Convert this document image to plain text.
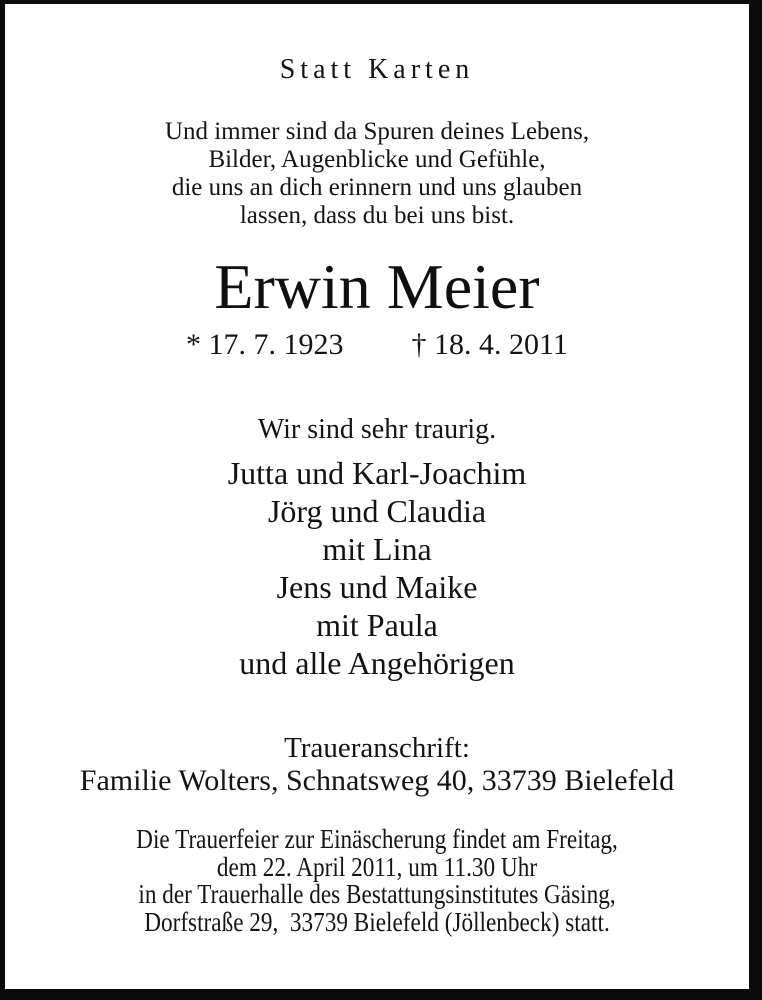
Statt Karten
Und immer sind da Spuren deines Lebens,
Bilder, Augenblicke und Gefühle,
die uns an dich erinnern und uns glauben
lassen, dass du bei uns bist.
Erwin Meier
* 17. 7. 1923 † 18. 4. 2011
Wir sind sehr traurig.
Jutta und Karl-Joachim
Jörg und Claudia
mit Lina
Jens und Maike
mit Paula
und alle Angehörigen
Traueranschrift:
Familie Wolters, Schnatsweg 40, 33739 Bielefeld
Die Trauerfeier zur Einäscherung findet am Freitag,
dem 22. April 2011, um 11.30 Uhr
in der Trauerhalle des Bestattungsinstitutes Gäsing,
Dorfstraße 29,  33739 Bielefeld (Jöllenbeck) statt.
